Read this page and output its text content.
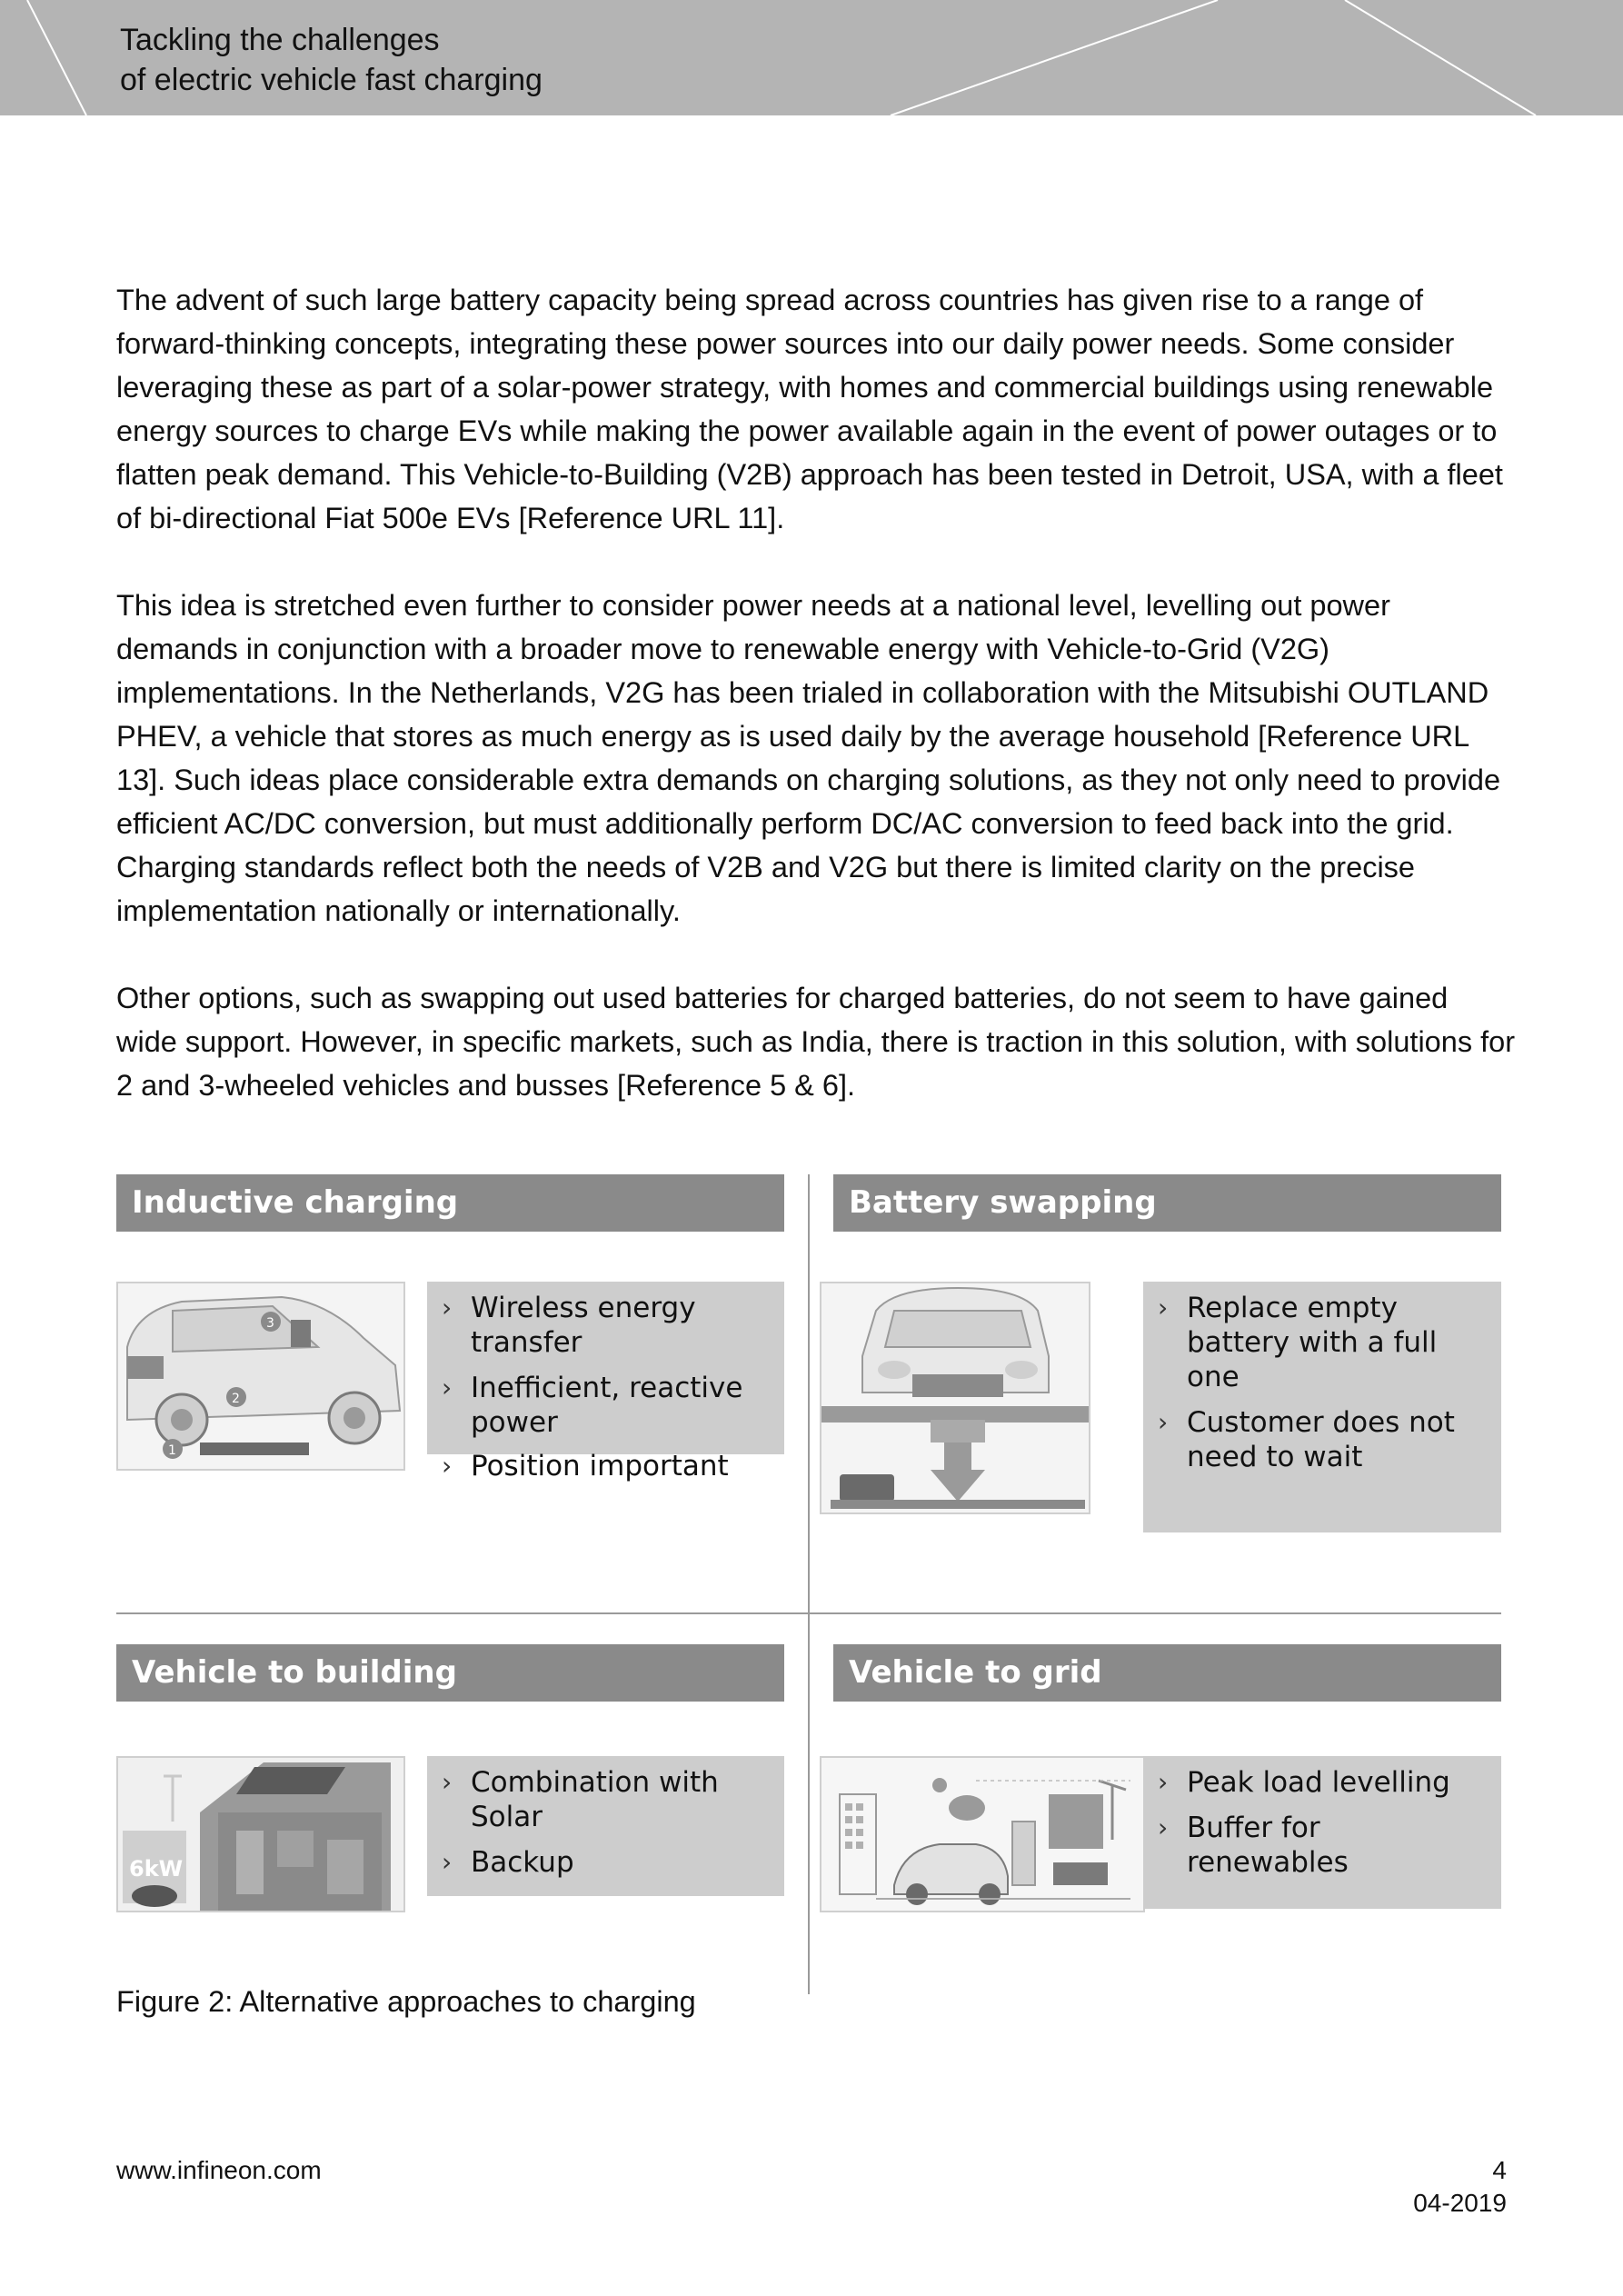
Tackling the challenges
of electric vehicle fast charging

The advent of such large battery capacity being spread across countries has given rise to a range of forward-thinking concepts, integrating these power sources into our daily power needs. Some consider leveraging these as part of a solar-power strategy, with homes and commercial buildings using renewable energy sources to charge EVs while making the power available again in the event of power outages or to flatten peak demand. This Vehicle-to-Building (V2B) approach has been tested in Detroit, USA, with a fleet of bi-directional Fiat 500e EVs [Reference URL 11].

This idea is stretched even further to consider power needs at a national level, levelling out power demands in conjunction with a broader move to renewable energy with Vehicle-to-Grid (V2G) implementations. In the Netherlands, V2G has been trialed in collaboration with the Mitsubishi OUTLAND PHEV, a vehicle that stores as much energy as is used daily by the average household [Reference URL 13]. Such ideas place considerable extra demands on charging solutions, as they not only need to provide efficient AC/DC conversion, but must additionally perform DC/AC conversion to feed back into the grid. Charging standards reflect both the needs of V2B and V2G but there is limited clarity on the precise implementation nationally or internationally.

Other options, such as swapping out used batteries for charged batteries, do not seem to have gained wide support. However, in specific markets, such as India, there is traction in this solution, with solutions for 2 and 3-wheeled vehicles and busses [Reference 5 & 6].

Inductive charging
1
2
3
› Wireless energy transfer
› Inefficient, reactive power
› Position important
Battery swapping
› Replace empty battery with a full one
› Customer does not need to wait
Vehicle to building
6kW
› Combination with Solar
› Backup
Vehicle to grid
› Peak load levelling
› Buffer for renewables
Figure 2: Alternative approaches to charging
www.infineon.com	4
04-2019
